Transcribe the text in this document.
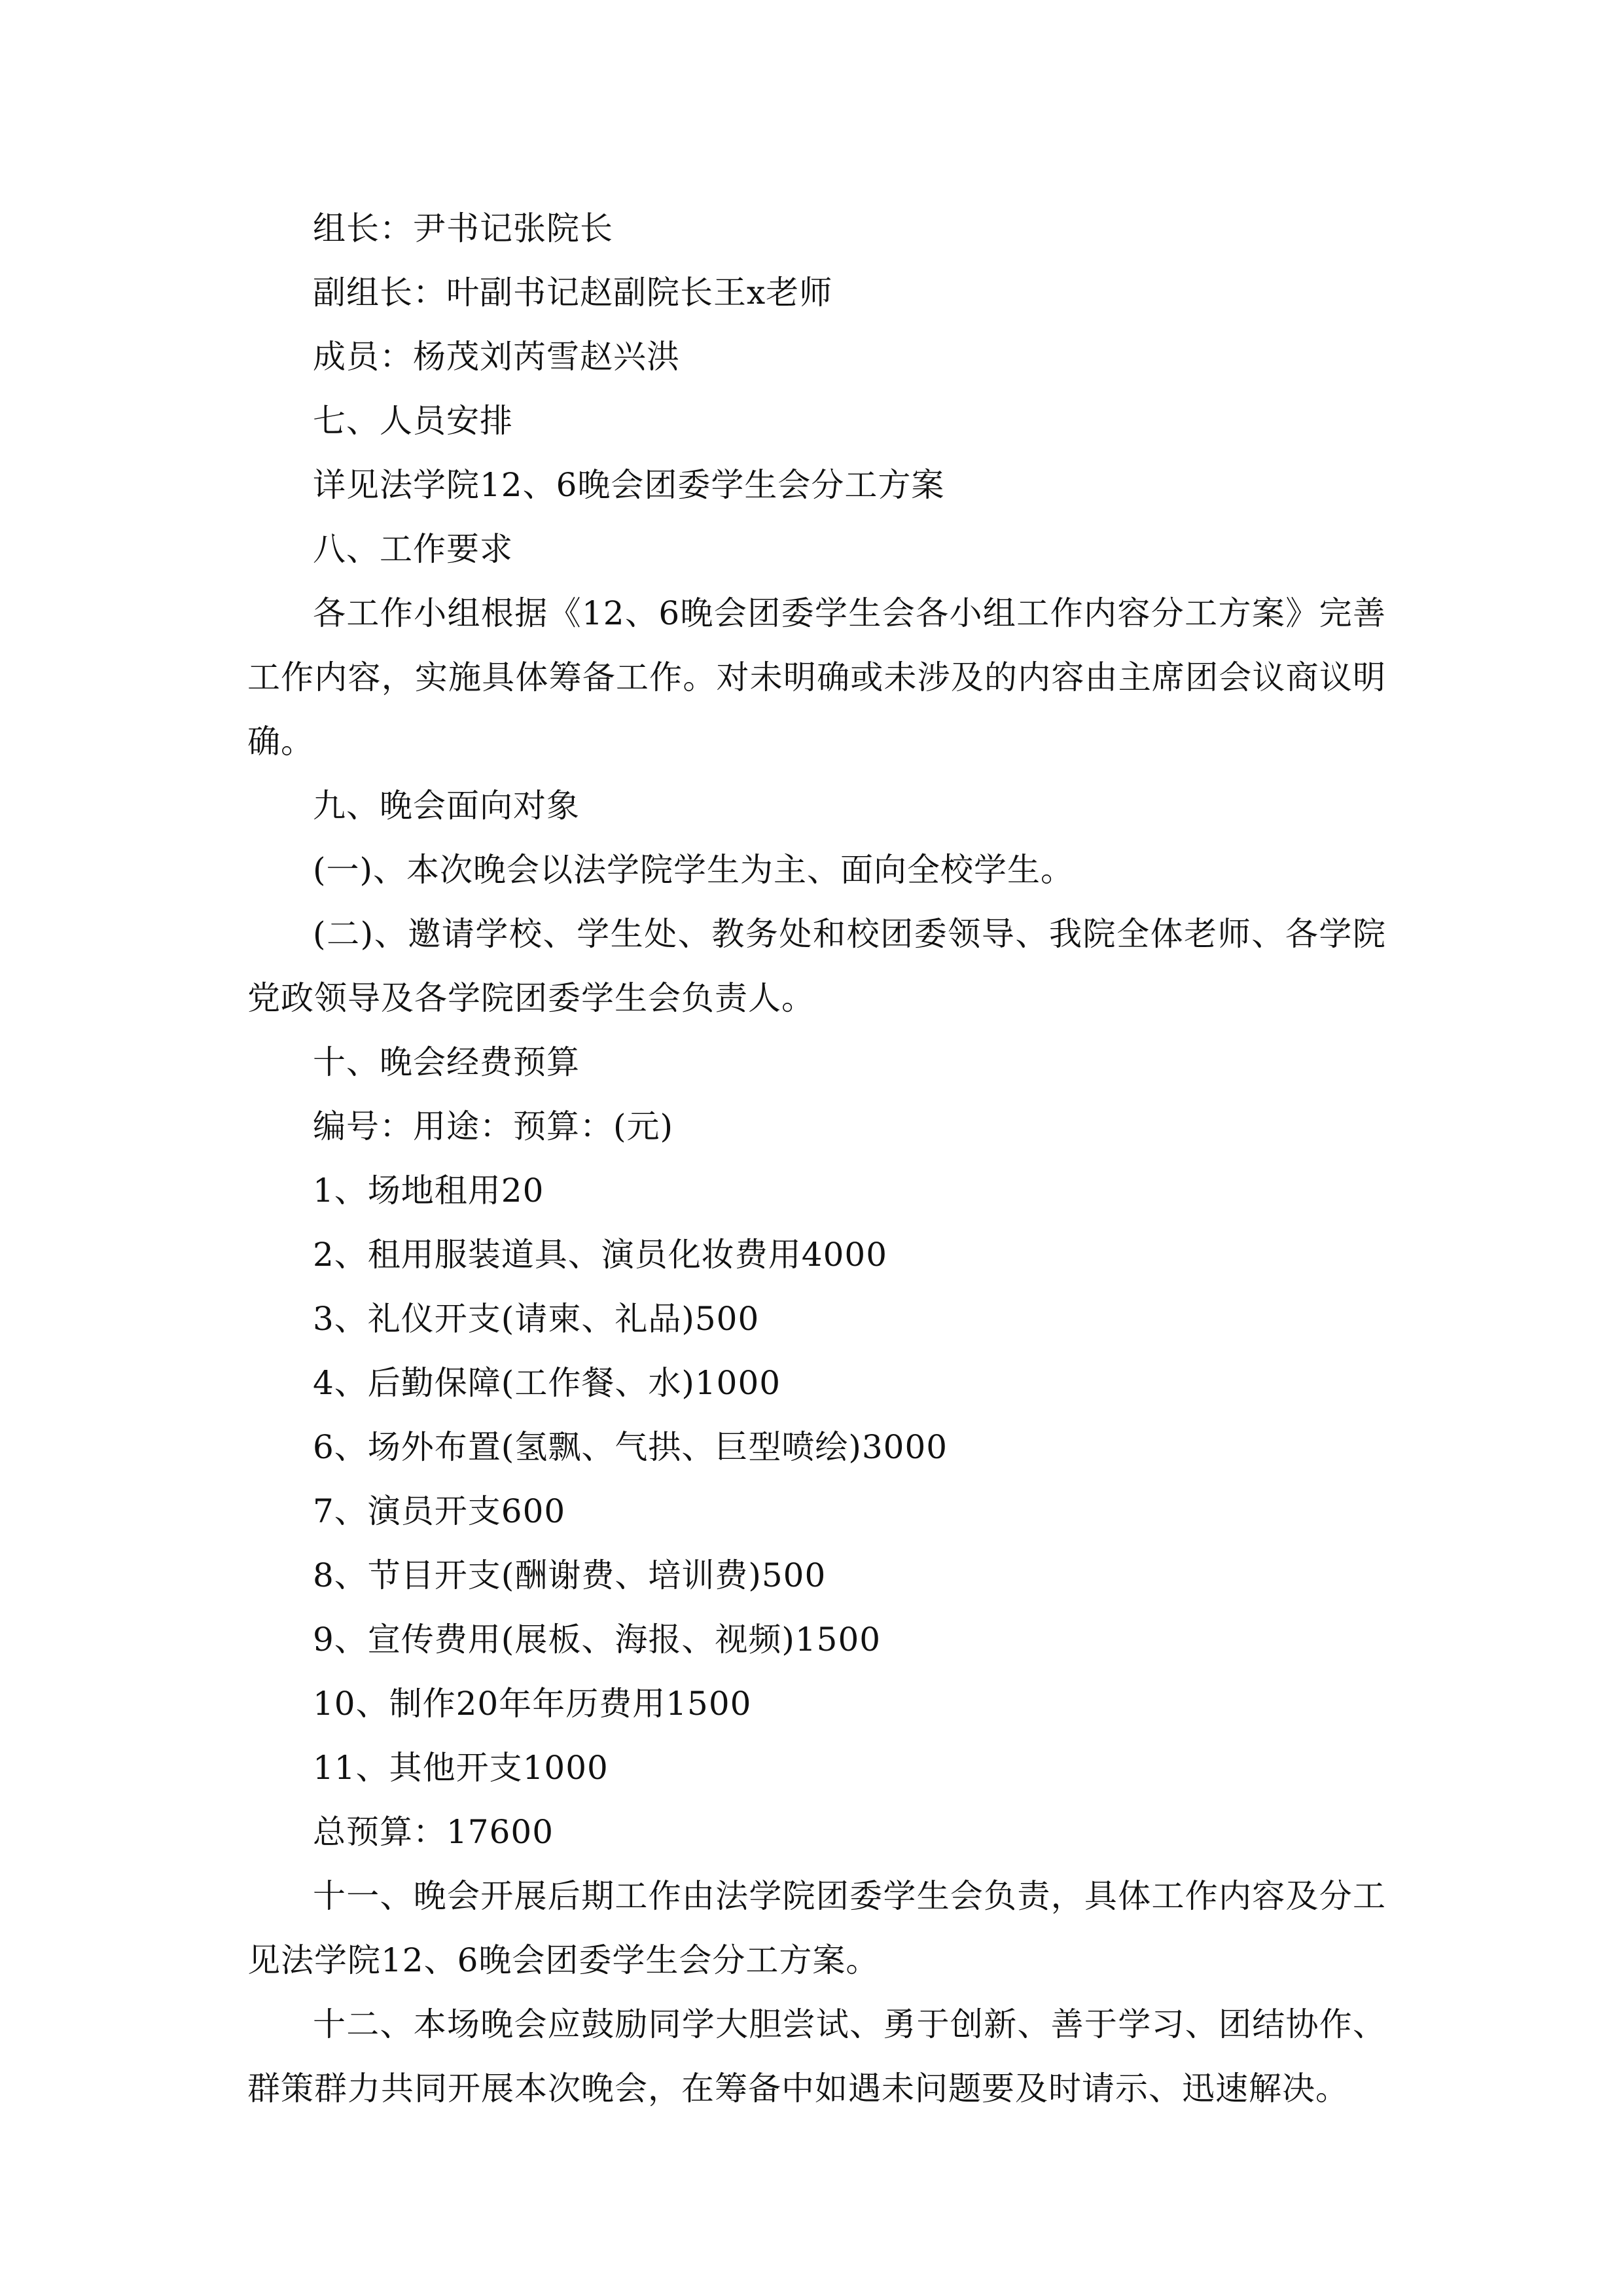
组长：尹书记张院长

副组长：叶副书记赵副院长王x老师

成员：杨茂刘芮雪赵兴洪

七、人员安排

详见法学院12、6晚会团委学生会分工方案

八、工作要求

各工作小组根据《12、6晚会团委学生会各小组工作内容分工方案》完善工作内容，实施具体筹备工作。对未明确或未涉及的内容由主席团会议商议明确。

九、晚会面向对象

(一)、本次晚会以法学院学生为主、面向全校学生。

(二)、邀请学校、学生处、教务处和校团委领导、我院全体老师、各学院党政领导及各学院团委学生会负责人。

十、晚会经费预算

编号：用途：预算：(元)

1、场地租用20

2、租用服装道具、演员化妆费用4000

3、礼仪开支(请柬、礼品)500

4、后勤保障(工作餐、水)1000

6、场外布置(氢飘、气拱、巨型喷绘)3000

7、演员开支600

8、节目开支(酬谢费、培训费)500

9、宣传费用(展板、海报、视频)1500

10、制作20年年历费用1500

11、其他开支1000

总预算：17600

十一、晚会开展后期工作由法学院团委学生会负责，具体工作内容及分工见法学院12、6晚会团委学生会分工方案。

十二、本场晚会应鼓励同学大胆尝试、勇于创新、善于学习、团结协作、群策群力共同开展本次晚会，在筹备中如遇未问题要及时请示、迅速解决。
